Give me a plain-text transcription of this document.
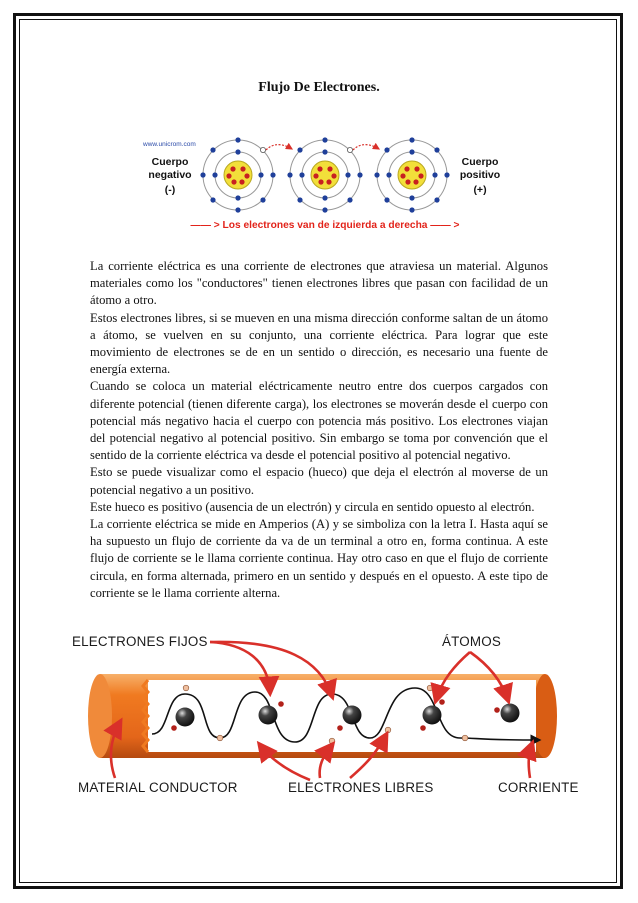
Flujo De Electrones.
www.unicrom.com
Cuerpo
negativo
(-)
Cuerpo
positivo
(+)
—— > Los electrones van de izquierda a derecha —— >

La corriente eléctrica es una corriente de electrones que atraviesa un material. Algunos materiales como los "conductores" tienen electrones libres que pasan con facilidad de un átomo a otro.

Estos electrones libres, si se mueven en una misma dirección conforme saltan de un átomo a átomo, se vuelven en su conjunto, una corriente eléctrica. Para lograr que este movimiento de electrones se de en un sentido o dirección, es necesario una fuente de energía externa.

Cuando se coloca un material eléctricamente neutro entre dos cuerpos cargados con diferente potencial (tienen diferente carga), los electrones se moverán desde el cuerpo con potencial más negativo hacia el cuerpo con potencia más positivo. Los electrones viajan del potencial negativo al potencial positivo. Sin embargo se toma por convención que el sentido de la corriente eléctrica va desde el potencial positivo al potencial negativo.

Esto se puede visualizar como el espacio (hueco) que deja el electrón al moverse de un potencial negativo a un positivo.

Este hueco es positivo (ausencia de un electrón) y circula en sentido opuesto al electrón.

La corriente eléctrica se mide en Amperios (A) y se simboliza con la letra I. Hasta aquí se ha supuesto un flujo de corriente da va de un terminal a otro en, forma continua. A este flujo de corriente se le llama corriente continua. Hay otro caso en que el flujo de corriente circula, en forma alternada, primero en un sentido y después en el opuesto. A este tipo de corriente se le llama corriente alterna.

ELECTRONES FIJOS	ÁTOMOS
MATERIAL CONDUCTOR	ELECTRONES LIBRES	CORRIENTE
